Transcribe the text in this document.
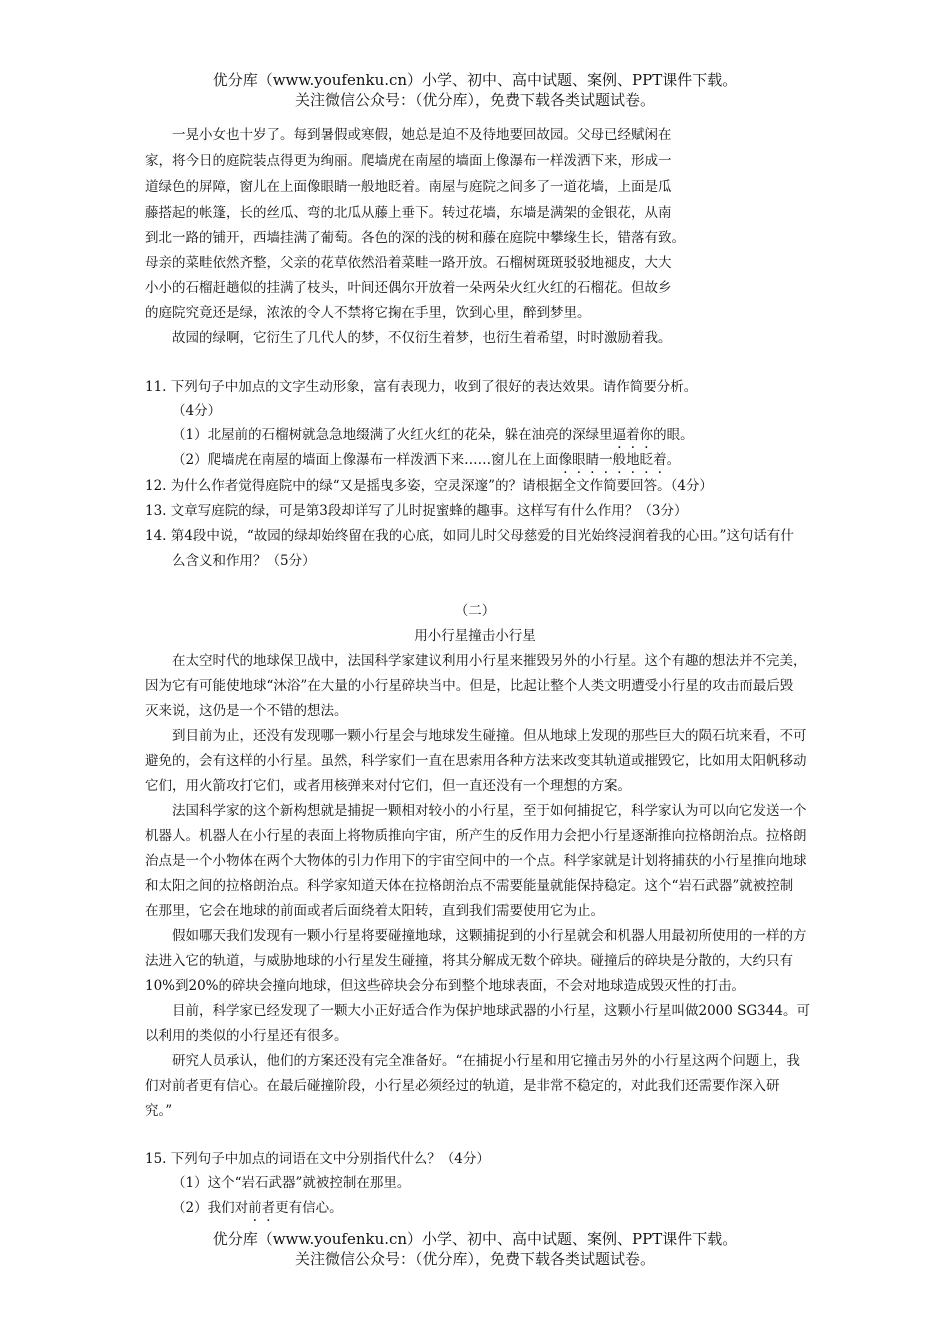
优分库（www.youfenku.cn）小学、初中、高中试题、案例、PPT课件下载。
关注微信公众号：（优分库），免费下载各类试题试卷。
一晃小女也十岁了。每到暑假或寒假，她总是迫不及待地要回故园。父母已经赋闲在
家，将今日的庭院装点得更为绚丽。爬墙虎在南屋的墙面上像瀑布一样泼洒下来，形成一
道绿色的屏障，窗儿在上面像眼睛一般地眨着。南屋与庭院之间多了一道花墙，上面是瓜
藤搭起的帐篷，长的丝瓜、弯的北瓜从藤上垂下。转过花墙，东墙是满架的金银花，从南
到北一路的铺开，西墙挂满了葡萄。各色的深的浅的树和藤在庭院中攀缘生长，错落有致。
母亲的菜畦依然齐整，父亲的花草依然沿着菜畦一路开放。石榴树斑斑驳驳地褪皮，大大
小小的石榴赶趟似的挂满了枝头，叶间还偶尔开放着一朵两朵火红火红的石榴花。但故乡
的庭院究竟还是绿，浓浓的令人不禁将它掬在手里，饮到心里，醉到梦里。
故园的绿啊，它衍生了几代人的梦，不仅衍生着梦，也衍生着希望，时时激励着我。
11. 下列句子中加点的文字生动形象，富有表现力，收到了很好的表达效果。请作简要分析。
（4分）
（1）北屋前的石榴树就急急地缀满了火红火红的花朵，躲在油亮的深绿里逼着你的眼。
（2）爬墙虎在南屋的墙面上像瀑布一样泼洒下来……窗儿在上面像眼睛一般地眨着。
12. 为什么作者觉得庭院中的绿“又是摇曳多姿，空灵深邃”的？请根据全文作简要回答。（4分）
13. 文章写庭院的绿，可是第3段却详写了儿时捉蜜蜂的趣事。这样写有什么作用？（3分）
14. 第4段中说，“故园的绿却始终留在我的心底，如同儿时父母慈爱的目光始终浸润着我的心田。”这句话有什
么含义和作用？（5分）
（二）
用小行星撞击小行星
在太空时代的地球保卫战中，法国科学家建议利用小行星来摧毁另外的小行星。这个有趣的想法并不完美，
因为它有可能使地球“沐浴”在大量的小行星碎块当中。但是，比起让整个人类文明遭受小行星的攻击而最后毁
灭来说，这仍是一个不错的想法。
到目前为止，还没有发现哪一颗小行星会与地球发生碰撞。但从地球上发现的那些巨大的陨石坑来看，不可
避免的，会有这样的小行星。虽然，科学家们一直在思索用各种方法来改变其轨道或摧毁它，比如用太阳帆移动
它们，用火箭攻打它们，或者用核弹来对付它们，但一直还没有一个理想的方案。
法国科学家的这个新构想就是捕捉一颗相对较小的小行星，至于如何捕捉它，科学家认为可以向它发送一个
机器人。机器人在小行星的表面上将物质推向宇宙，所产生的反作用力会把小行星逐渐推向拉格朗治点。拉格朗
治点是一个小物体在两个大物体的引力作用下的宇宙空间中的一个点。科学家就是计划将捕获的小行星推向地球
和太阳之间的拉格朗治点。科学家知道天体在拉格朗治点不需要能量就能保持稳定。这个“岩石武器”就被控制
在那里，它会在地球的前面或者后面绕着太阳转，直到我们需要使用它为止。
假如哪天我们发现有一颗小行星将要碰撞地球，这颗捕捉到的小行星就会和机器人用最初所使用的一样的方
法进入它的轨道，与威胁地球的小行星发生碰撞，将其分解成无数个碎块。碰撞后的碎块是分散的，大约只有
10%到20%的碎块会撞向地球，但这些碎块会分布到整个地球表面，不会对地球造成毁灭性的打击。
目前，科学家已经发现了一颗大小正好适合作为保护地球武器的小行星，这颗小行星叫做2000 SG344。可
以利用的类似的小行星还有很多。
研究人员承认，他们的方案还没有完全准备好。“在捕捉小行星和用它撞击另外的小行星这两个问题上，我
们对前者更有信心。在最后碰撞阶段，小行星必须经过的轨道，是非常不稳定的，对此我们还需要作深入研
究。”
15. 下列句子中加点的词语在文中分别指代什么？（4分）
（1）这个“岩石武器”就被控制在那里。
（2）我们对前者更有信心。
优分库（www.youfenku.cn）小学、初中、高中试题、案例、PPT课件下载。
关注微信公众号：（优分库），免费下载各类试题试卷。
